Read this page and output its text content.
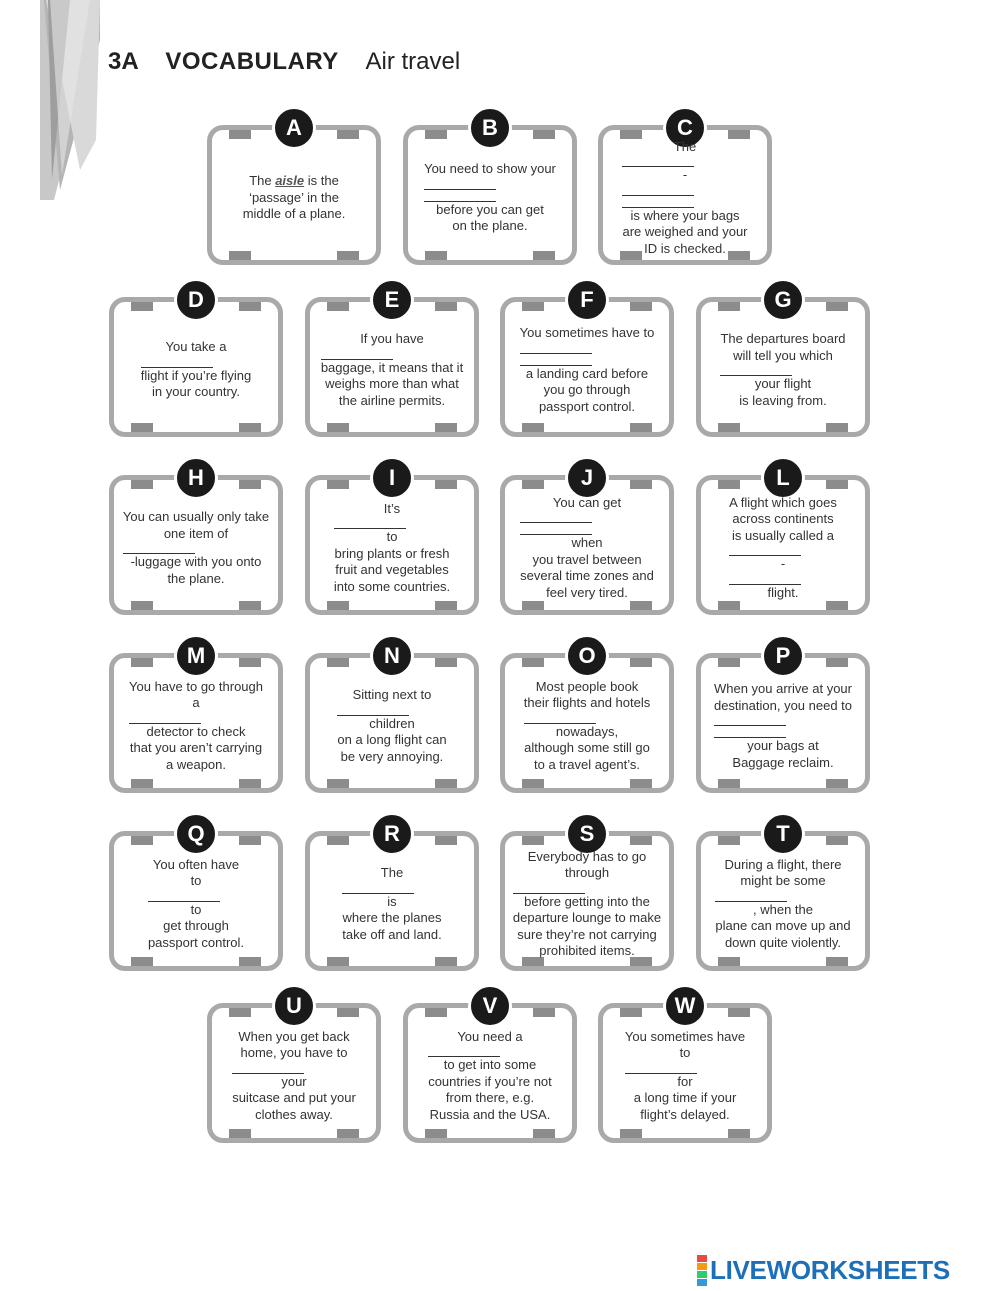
3A VOCABULARY Air travel
A
The aisle is the
‘passage’ in the
middle of a plane.
B
You need to show your
before you can get
on the plane.
C
The
-
is where your bags
are weighed and your
ID is checked.
D
You take a
flight if you’re flying
in your country.
E
If you have
baggage, it means that it
weighs more than what
the airline permits.
F
You sometimes have to
a landing card before
you go through
passport control.
G
The departures board
will tell you which
your flight
is leaving from.
H
You can usually only take
one item of
-luggage with you onto
the plane.
I
It’s
to
bring plants or fresh
fruit and vegetables
into some countries.
J
You can get
when
you travel between
several time zones and
feel very tired.
L
A flight which goes
across continents
is usually called a
-
flight.
M
You have to go through
a
detector to check
that you aren’t carrying
a weapon.
N
Sitting next to
children
on a long flight can
be very annoying.
O
Most people book
their flights and hotels
nowadays,
although some still go
to a travel agent’s.
P
When you arrive at your
destination, you need to
your bags at
Baggage reclaim.
Q
You often have
to
to
get through
passport control.
R
The
is
where the planes
take off and land.
S
Everybody has to go
through
before getting into the
departure lounge to make
sure they’re not carrying
prohibited items.
T
During a flight, there
might be some
, when the
plane can move up and
down quite violently.
U
When you get back
home, you have to
your
suitcase and put your
clothes away.
V
You need a
to get into some
countries if you’re not
from there, e.g.
Russia and the USA.
W
You sometimes have
to
for
a long time if your
flight’s delayed.
LIVEWORKSHEETS
